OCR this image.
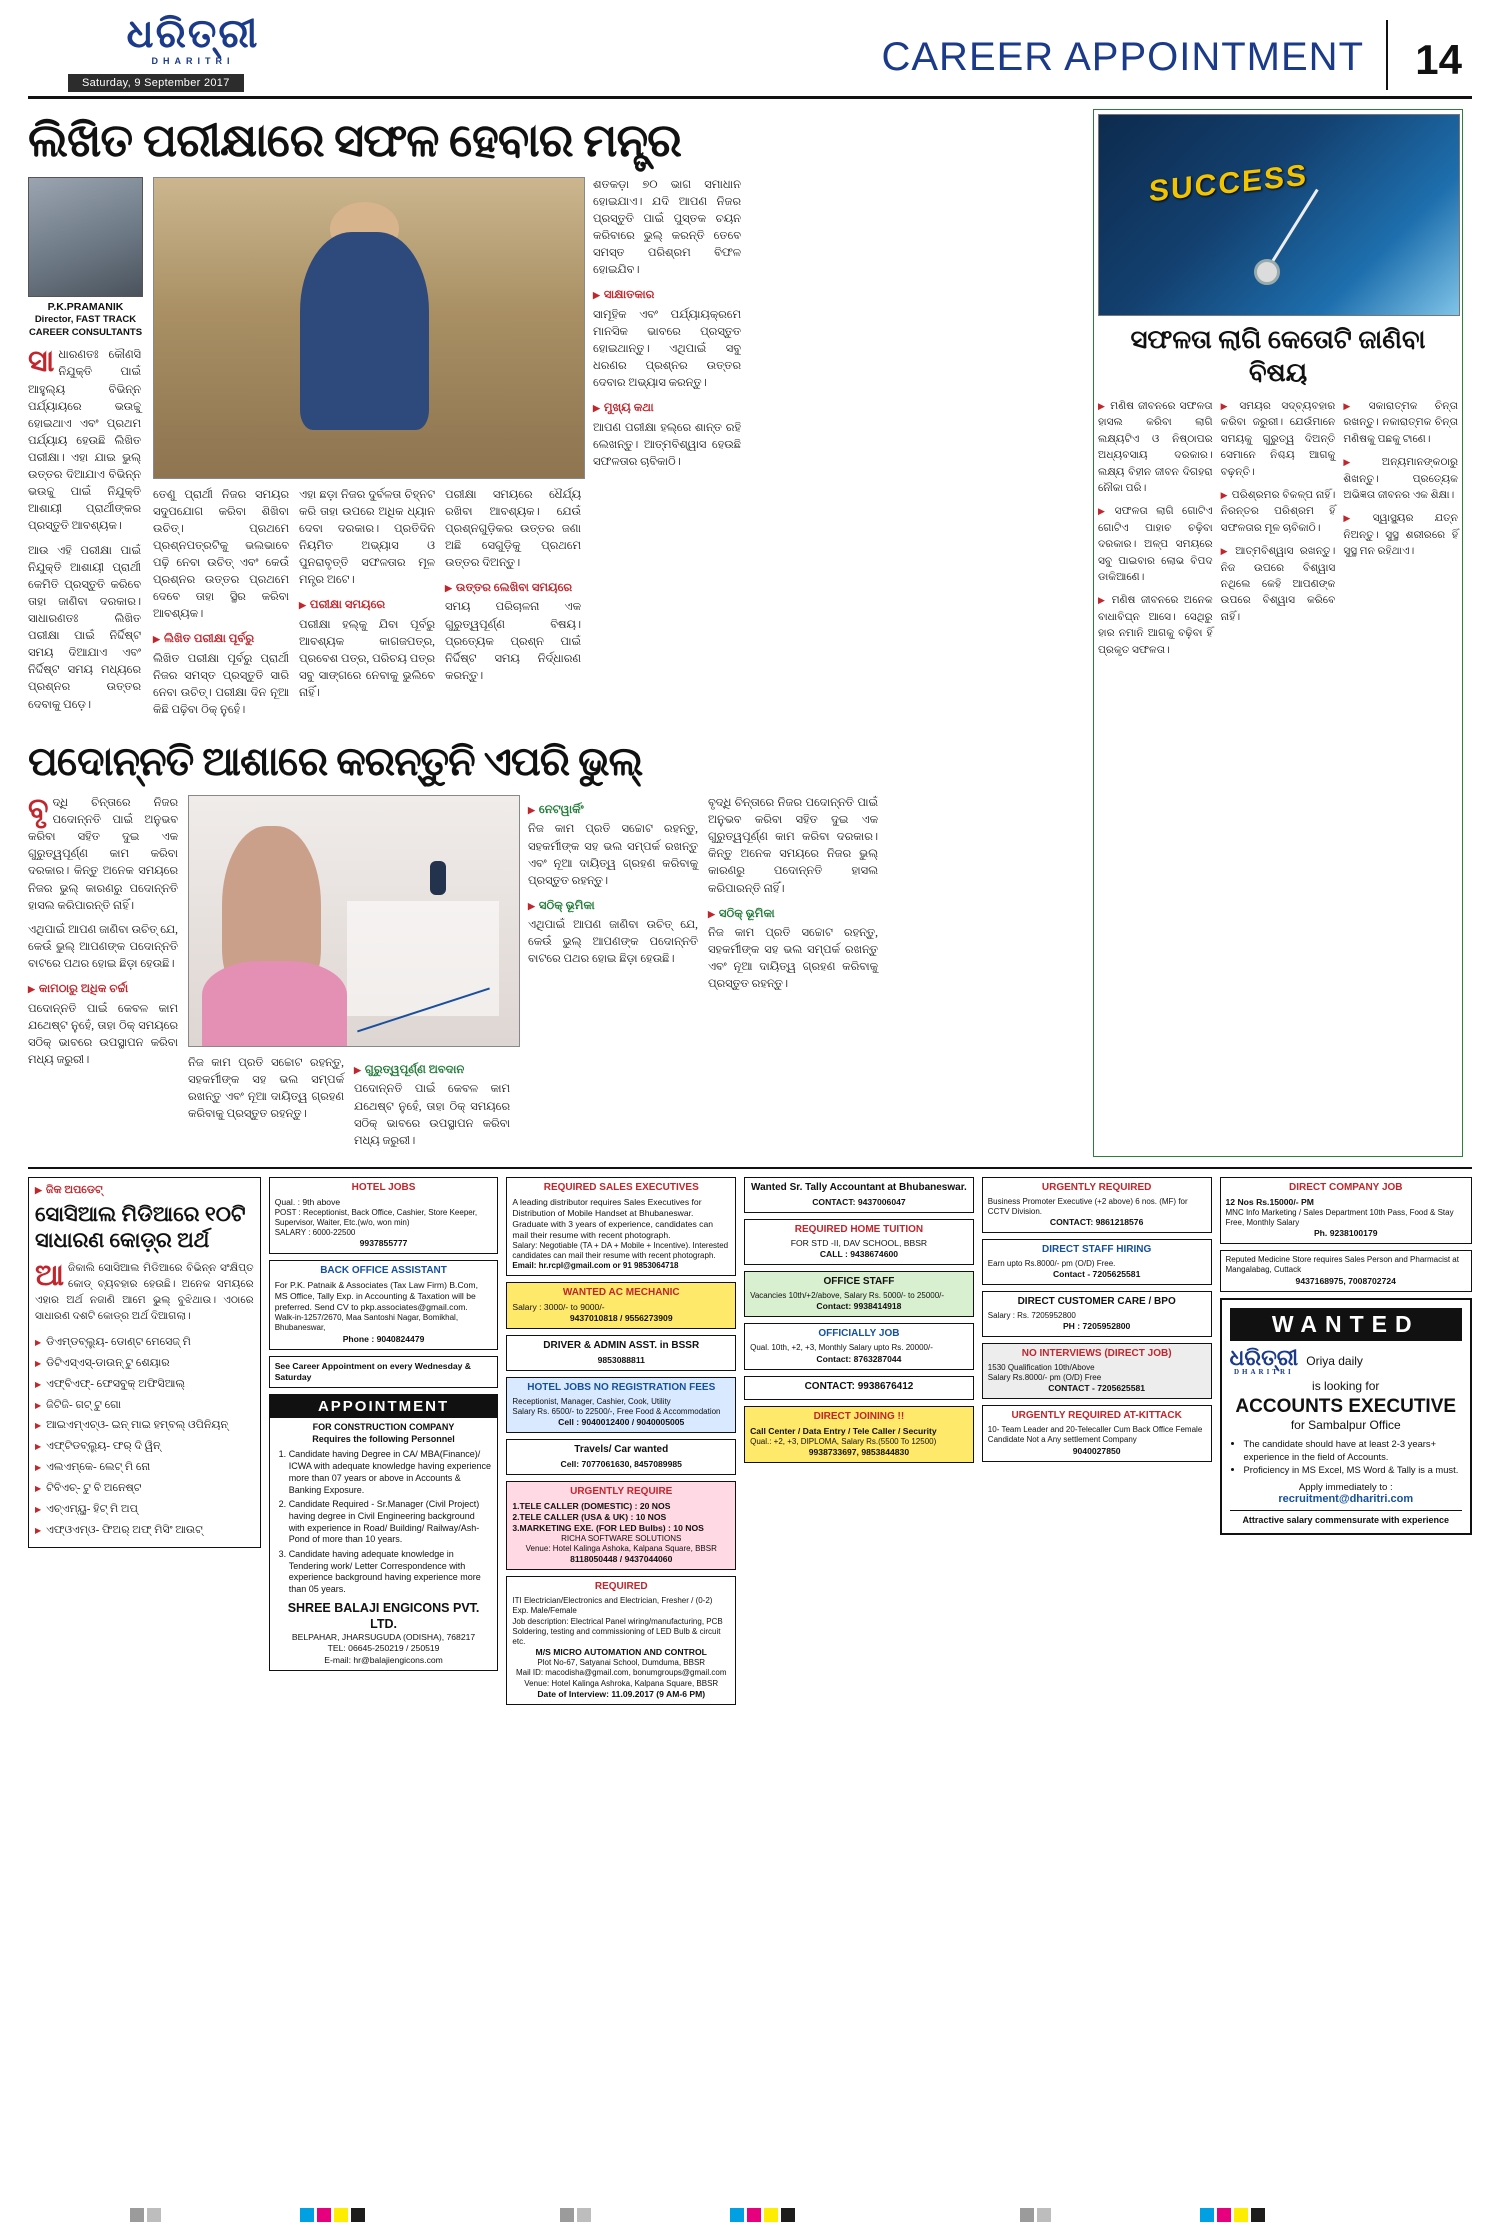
ଧରିତ୍ରୀ
DHARITRI
Saturday, 9 September 2017
CAREER APPOINTMENT 14
ଲିଖିତ ପରୀକ୍ଷାରେ ସଫଳ ହେବାର ମନ୍ତ୍ର
P.K.PRAMANIK
Director, FAST TRACK
CAREER CONSULTANTS

ସାଧାରଣତଃ କୌଣସି ନିଯୁକ୍ତି ପାଇଁ ଆହୁଲ୍ୟ ବିଭିନ୍ନ ପର୍ଯ୍ୟାୟରେ ଭଉଚ୍ଚୁ ହୋଇଥାଏ ଏବଂ ପ୍ରଥମ ପର୍ଯ୍ୟାୟ ହେଉଛି ଲିଖିତ ପରୀକ୍ଷା। ଏହା ଯାଇ ଭୁଲ୍ ଉତ୍ତର ଦିଆଯାଏ ବିଭିନ୍ନ ଭଉଚ୍ଚୁ ପାଇଁ ନିଯୁକ୍ତି ଆଶାୟୀ ପ୍ରାର୍ଥୀଙ୍କର ପ୍ରସ୍ତୁତି ଆବଶ୍ୟକ।

ଆଉ ଏହି ପରୀକ୍ଷା ପାଇଁ ନିଯୁକ୍ତି ଆଶାୟୀ ପ୍ରାର୍ଥୀ କେମିତି ପ୍ରସ୍ତୁତି କରିବେ ତାହା ଜାଣିବା ଦରକାର। ସାଧାରଣତଃ ଲିଖିତ ପରୀକ୍ଷା ପାଇଁ ନିର୍ଦ୍ଦିଷ୍ଟ ସମୟ ଦିଆଯାଏ ଏବଂ ନିର୍ଦ୍ଦିଷ୍ଟ ସମୟ ମଧ୍ୟରେ ପ୍ରଶ୍ନର ଉତ୍ତର ଦେବାକୁ ପଡ଼େ।

ତେଣୁ ପ୍ରାର୍ଥୀ ନିଜର ସମୟର ସଦୁପଯୋଗ କରିବା ଶିଖିବା ଉଚିତ୍। ପ୍ରଥମେ ପ୍ରଶ୍ନପତ୍ରଟିକୁ ଭଲଭାବେ ପଢ଼ି ନେବା ଉଚିତ୍ ଏବଂ କେଉଁ ପ୍ରଶ୍ନର ଉତ୍ତର ପ୍ରଥମେ ଦେବେ ତାହା ସ୍ଥିର କରିବା ଆବଶ୍ୟକ।

▶ ଲିଖିତ ପରୀକ୍ଷା ପୂର୍ବରୁ

ଲିଖିତ ପରୀକ୍ଷା ପୂର୍ବରୁ ପ୍ରାର୍ଥୀ ନିଜର ସମସ୍ତ ପ୍ରସ୍ତୁତି ସାରି ନେବା ଉଚିତ୍। ପରୀକ୍ଷା ଦିନ ନୂଆ କିଛି ପଢ଼ିବା ଠିକ୍ ନୁହେଁ।

ଏହା ଛଡ଼ା ନିଜର ଦୁର୍ବଳତା ଚିହ୍ନଟ କରି ତାହା ଉପରେ ଅଧିକ ଧ୍ୟାନ ଦେବା ଦରକାର। ପ୍ରତିଦିନ ନିୟମିତ ଅଭ୍ୟାସ ଓ ପୁନରାବୃତ୍ତି ସଫଳତାର ମୂଳ ମନ୍ତ୍ର ଅଟେ।

▶ ପରୀକ୍ଷା ସମୟରେ

ପରୀକ୍ଷା ହଲ୍‌କୁ ଯିବା ପୂର୍ବରୁ ଆବଶ୍ୟକ କାଗଜପତ୍ର, ପ୍ରବେଶ ପତ୍ର, ପରିଚୟ ପତ୍ର ସବୁ ସାଙ୍ଗରେ ନେବାକୁ ଭୁଲିବେ ନାହିଁ।

ପରୀକ୍ଷା ସମୟରେ ଧୈର୍ଯ୍ୟ ରଖିବା ଆବଶ୍ୟକ। ଯେଉଁ ପ୍ରଶ୍ନଗୁଡ଼ିକର ଉତ୍ତର ଜଣା ଅଛି ସେଗୁଡ଼ିକୁ ପ୍ରଥମେ ଉତ୍ତର ଦିଅନ୍ତୁ।

▶ ଉତ୍ତର ଲେଖିବା ସମୟରେ

ସମୟ ପରିଚାଳନା ଏକ ଗୁରୁତ୍ୱପୂର୍ଣ୍ଣ ବିଷୟ। ପ୍ରତ୍ୟେକ ପ୍ରଶ୍ନ ପାଇଁ ନିର୍ଦ୍ଦିଷ୍ଟ ସମୟ ନିର୍ଦ୍ଧାରଣ କରନ୍ତୁ।

ଶତକଡ଼ା ୭୦ ଭାଗ ସମାଧାନ ହୋଇଯାଏ। ଯଦି ଆପଣ ନିଜର ପ୍ରସ୍ତୁତି ପାଇଁ ପୁସ୍ତକ ଚୟନ କରିବାରେ ଭୁଲ୍ କରନ୍ତି ତେବେ ସମସ୍ତ ପରିଶ୍ରମ ବିଫଳ ହୋଇଯିବ।

▶ ସାକ୍ଷାତକାର

ସାମୂହିକ ଏବଂ ପର୍ଯ୍ୟାୟକ୍ରମେ ମାନସିକ ଭାବରେ ପ୍ରସ୍ତୁତ ହୋଇଥାନ୍ତୁ। ଏଥିପାଇଁ ସବୁ ଧରଣର ପ୍ରଶ୍ନର ଉତ୍ତର ଦେବାର ଅଭ୍ୟାସ କରନ୍ତୁ।

▶ ମୁଖ୍ୟ କଥା

ଆପଣ ପରୀକ୍ଷା ହଲ୍‌ରେ ଶାନ୍ତ ରହି ଲେଖନ୍ତୁ। ଆତ୍ମବିଶ୍ୱାସ ହେଉଛି ସଫଳତାର ଚାବିକାଠି।

ପଦୋନ୍ନତି ଆଶାରେ କରନ୍ତୁନି ଏପରି ଭୁଲ୍

ବୃଦ୍ଧି ଚିନ୍ତାରେ ନିଜର ପଦୋନ୍ନତି ପାଇଁ ଅନୁଭବ କରିବା ସହିତ ଦୁଇ ଏକ ଗୁରୁତ୍ୱପୂର୍ଣ୍ଣ କାମ କରିବା ଦରକାର। କିନ୍ତୁ ଅନେକ ସମୟରେ ନିଜର ଭୁଲ୍ କାରଣରୁ ପଦୋନ୍ନତି ହାସଲ କରିପାରନ୍ତି ନାହିଁ।

ଏଥିପାଇଁ ଆପଣ ଜାଣିବା ଉଚିତ୍ ଯେ, କେଉଁ ଭୁଲ୍ ଆପଣଙ୍କ ପଦୋନ୍ନତି ବାଟରେ ପଥର ହୋଇ ଛିଡ଼ା ହେଉଛି।

▶ କାମଠାରୁ ଅଧିକ ଚର୍ଚ୍ଚା

ପଦୋନ୍ନତି ପାଇଁ କେବଳ କାମ ଯଥେଷ୍ଟ ନୁହେଁ, ତାହା ଠିକ୍ ସମୟରେ ସଠିକ୍ ଭାବରେ ଉପସ୍ଥାପନ କରିବା ମଧ୍ୟ ଜରୁରୀ।	ନିଜ କାମ ପ୍ରତି ସଚ୍ଚୋଟ ରହନ୍ତୁ, ସହକର୍ମୀଙ୍କ ସହ ଭଲ ସମ୍ପର୍କ ରଖନ୍ତୁ ଏବଂ ନୂଆ ଦାୟିତ୍ୱ ଗ୍ରହଣ କରିବାକୁ ପ୍ରସ୍ତୁତ ରହନ୍ତୁ।

▶ ଗୁରୁତ୍ୱପୂର୍ଣ୍ଣ ଅବଦାନ

ପଦୋନ୍ନତି ପାଇଁ କେବଳ କାମ ଯଥେଷ୍ଟ ନୁହେଁ, ତାହା ଠିକ୍ ସମୟରେ ସଠିକ୍ ଭାବରେ ଉପସ୍ଥାପନ କରିବା ମଧ୍ୟ ଜରୁରୀ।

▶ ନେଟୱାର୍କିଂ

ନିଜ କାମ ପ୍ରତି ସଚ୍ଚୋଟ ରହନ୍ତୁ, ସହକର୍ମୀଙ୍କ ସହ ଭଲ ସମ୍ପର୍କ ରଖନ୍ତୁ ଏବଂ ନୂଆ ଦାୟିତ୍ୱ ଗ୍ରହଣ କରିବାକୁ ପ୍ରସ୍ତୁତ ରହନ୍ତୁ।

▶ ସଠିକ୍ ଭୂମିକା

ଏଥିପାଇଁ ଆପଣ ଜାଣିବା ଉଚିତ୍ ଯେ, କେଉଁ ଭୁଲ୍ ଆପଣଙ୍କ ପଦୋନ୍ନତି ବାଟରେ ପଥର ହୋଇ ଛିଡ଼ା ହେଉଛି।

ବୃଦ୍ଧି ଚିନ୍ତାରେ ନିଜର ପଦୋନ୍ନତି ପାଇଁ ଅନୁଭବ କରିବା ସହିତ ଦୁଇ ଏକ ଗୁରୁତ୍ୱପୂର୍ଣ୍ଣ କାମ କରିବା ଦରକାର। କିନ୍ତୁ ଅନେକ ସମୟରେ ନିଜର ଭୁଲ୍ କାରଣରୁ ପଦୋନ୍ନତି ହାସଲ କରିପାରନ୍ତି ନାହିଁ।

▶ ସଠିକ୍ ଭୂମିକା

ନିଜ କାମ ପ୍ରତି ସଚ୍ଚୋଟ ରହନ୍ତୁ, ସହକର୍ମୀଙ୍କ ସହ ଭଲ ସମ୍ପର୍କ ରଖନ୍ତୁ ଏବଂ ନୂଆ ଦାୟିତ୍ୱ ଗ୍ରହଣ କରିବାକୁ ପ୍ରସ୍ତୁତ ରହନ୍ତୁ।

SUCCESS
ସଫଳତା ଲାଗି କେତୋଟି ଜାଣିବା ବିଷୟ

▶ ମଣିଷ ଜୀବନରେ ସଫଳତା ହାସଲ କରିବା ଲାଗି ଲକ୍ଷ୍ୟଟିଏ ଓ ନିଷ୍ଠାପର ଅଧ୍ୟବସାୟ ଦରକାର। ଲକ୍ଷ୍ୟ ବିହୀନ ଜୀବନ ଦିଗହରା ନୌକା ପରି।

▶ ସଫଳତା ଲାଗି ଗୋଟିଏ ଗୋଟିଏ ପାହାଚ ଚଢ଼ିବା ଦରକାର। ଅଳ୍ପ ସମୟରେ ସବୁ ପାଇବାର ଲୋଭ ବିପଦ ଡାକିଆଣେ।

▶ ମଣିଷ ଜୀବନରେ ଅନେକ ବାଧାବିଘ୍ନ ଆସେ। ସେଥିରୁ ହାର ନମାନି ଆଗକୁ ବଢ଼ିବା ହିଁ ପ୍ରକୃତ ସଫଳତା।

▶ ସମୟର ସଦ୍ବ୍ୟବହାର କରିବା ଜରୁରୀ। ଯେଉଁମାନେ ସମୟକୁ ଗୁରୁତ୍ୱ ଦିଅନ୍ତି ସେମାନେ ନିଶ୍ଚୟ ଆଗକୁ ବଢ଼ନ୍ତି।

▶ ପରିଶ୍ରମର ବିକଳ୍ପ ନାହିଁ। ନିରନ୍ତର ପରିଶ୍ରମ ହିଁ ସଫଳତାର ମୂଳ ଚାବିକାଠି।

▶ ଆତ୍ମବିଶ୍ୱାସ ରଖନ୍ତୁ। ନିଜ ଉପରେ ବିଶ୍ୱାସ ନଥିଲେ କେହି ଆପଣଙ୍କ ଉପରେ ବିଶ୍ୱାସ କରିବେ ନାହିଁ।

▶ ସକାରାତ୍ମକ ଚିନ୍ତା ରଖନ୍ତୁ। ନକାରାତ୍ମକ ଚିନ୍ତା ମଣିଷକୁ ପଛକୁ ଟାଣେ।

▶ ଅନ୍ୟମାନଙ୍କଠାରୁ ଶିଖନ୍ତୁ। ପ୍ରତ୍ୟେକ ଅଭିଜ୍ଞତା ଜୀବନର ଏକ ଶିକ୍ଷା।

▶ ସ୍ୱାସ୍ଥ୍ୟର ଯତ୍ନ ନିଅନ୍ତୁ। ସୁସ୍ଥ ଶରୀରରେ ହିଁ ସୁସ୍ଥ ମନ ରହିଥାଏ।

▶ ଜିକ ଅପଡେଟ୍
ସୋସିଆଲ ମିଡିଆରେ ୧୦ଟି ସାଧାରଣ କୋଡ଼୍ର ଅର୍ଥ

ଆଜିକାଲି ସୋସିଆଲ ମିଡିଆରେ ବିଭିନ୍ନ ସଂକ୍ଷିପ୍ତ କୋଡ୍ ବ୍ୟବହାର ହେଉଛି। ଅନେକ ସମୟରେ ଏହାର ଅର୍ଥ ନଜାଣି ଆମେ ଭୁଲ୍ ବୁଝିଥାଉ। ଏଠାରେ ସାଧାରଣ ଦଶଟି କୋଡ୍‌ର ଅର୍ଥ ଦିଆଗଲା।

▶ ଡିଏମ୍‌ଡବ୍ଲ୍ୟୁ- ଡୋଣ୍ଟ ମେସେଜ୍ ମି
▶ ଡିଟିଏସ୍‌ଏସ୍-ଡାଉନ୍ ଟୁ ଶେୟାର
▶ ଏଫ୍‌ବିଏଫ୍- ଫେସବୁକ୍ ଅଫିସିଆଲ୍
▶ ଜିଟିଜି- ଗଟ୍ ଟୁ ଗୋ
▶ ଆଇଏମ୍‌ଏଚ୍‌ଓ- ଇନ୍ ମାଇ ହମ୍ବଲ୍ ଓପିନିୟନ୍
▶ ଏଫ୍‌ଟିଡବ୍ଲ୍ୟୁ- ଫର୍ ଦି ୱିନ୍
▶ ଏଲଏମ୍‌କେ- ଲେଟ୍ ମି ନୋ
▶ ଟିବିଏଚ୍- ଟୁ ବି ଅନେଷ୍ଟ
▶ ଏଚ୍‌ଏମ୍‌ୟୁ- ହିଟ୍ ମି ଅପ୍
▶ ଏଫ୍‌ଓଏମ୍‌ଓ- ଫିଅର୍ ଅଫ୍ ମିସିଂ ଆଉଟ୍
HOTEL JOBS
Qual. : 9th above
POST : Receptionist, Back Office, Cashier, Store Keeper, Supervisor, Waiter, Etc.(w/o, won min)
SALARY : 6000-22500
9937855777
BACK OFFICE ASSISTANT
For P.K. Patnaik & Associates (Tax Law Firm) B.Com, MS Office, Tally Exp. in Accounting & Taxation will be preferred. Send CV to pkp.associates@gmail.com.
Walk-in-1257/2670, Maa Santoshi Nagar, Bomikhal, Bhubaneswar,
Phone : 9040824479
See Career Appointment on every Wednesday & Saturday
APPOINTMENT
FOR CONSTRUCTION COMPANY
Requires the following Personnel
1. Candidate having Degree in CA/ MBA(Finance)/ ICWA with adequate knowledge having experience more than 07 years or above in Accounts & Banking Exposure.
2. Candidate Required - Sr.Manager (Civil Project) having degree in Civil Engineering background with experience in Road/ Building/ Railway/Ash-Pond of more than 10 years.
3. Candidate having adequate knowledge in Tendering work/ Letter Correspondence with experience background having experience more than 05 years.
SHREE BALAJI ENGICONS PVT. LTD.
BELPAHAR, JHARSUGUDA (ODISHA), 768217
TEL: 06645-250219 / 250519
E-mail: hr@balajiengicons.com
REQUIRED SALES EXECUTIVES
A leading distributor requires Sales Executives for Distribution of Mobile Handset at Bhubaneswar. Graduate with 3 years of experience, candidates can mail their resume with recent photograph.
Salary: Negotiable (TA + DA + Mobile + Incentive). Interested candidates can mail their resume with recent photograph.
Email: hr.rcpl@gmail.com or 91 9853064718
WANTED AC MECHANIC
Salary : 3000/- to 9000/-
9437010818 / 9556273909
DRIVER & ADMIN ASST. in BSSR
9853088811
HOTEL JOBS NO REGISTRATION FEES
Receptionist, Manager, Cashier, Cook, Utility
Salary Rs. 6500/- to 22500/-, Free Food & Accommodation
Cell : 9040012400 / 9040005005
Travels/ Car wanted
Cell: 7077061630, 8457089985
URGENTLY REQUIRE
1.TELE CALLER (DOMESTIC) : 20 NOS
2.TELE CALLER (USA & UK) : 10 NOS
3.MARKETING EXE. (FOR LED Bulbs) : 10 NOS
RICHA SOFTWARE SOLUTIONS
Venue: Hotel Kalinga Ashoka, Kalpana Square, BBSR
8118050448 / 9437044060
REQUIRED
ITI Electrician/Electronics and Electrician, Fresher / (0-2) Exp. Male/Female
Job description: Electrical Panel wiring/manufacturing, PCB Soldering, testing and commissioning of LED Bulb & circuit etc.
M/S MICRO AUTOMATION AND CONTROL
Plot No-67, Satyanai School, Dumduma, BBSR
Mail ID: macodisha@gmail.com, bonumgroups@gmail.com
Venue: Hotel Kalinga Ashroka, Kalpana Square, BBSR
Date of Interview: 11.09.2017 (9 AM-6 PM)
Wanted Sr. Tally Accountant at Bhubaneswar.
CONTACT: 9437006047
REQUIRED HOME TUITION
FOR STD -II, DAV SCHOOL, BBSR
CALL : 9438674600
OFFICE STAFF
Vacancies 10th/+2/above, Salary Rs. 5000/- to 25000/-
Contact: 9938414918
OFFICIALLY JOB
Qual. 10th, +2, +3, Monthly Salary upto Rs. 20000/-
Contact: 8763287044
CONTACT: 9938676412
DIRECT JOINING !!
Call Center / Data Entry / Tele Caller / Security
Qual.: +2, +3, DIPLOMA, Salary Rs.(5500 To 12500)
9938733697, 9853844830
URGENTLY REQUIRED
Business Promoter Executive (+2 above) 6 nos. (MF) for CCTV Division.
CONTACT: 9861218576
DIRECT STAFF HIRING
Earn upto Rs.8000/- pm (O/D) Free.
Contact - 7205625581
DIRECT CUSTOMER CARE / BPO
Salary : Rs. 7205952800
PH : 7205952800
NO INTERVIEWS (DIRECT JOB)
1530 Qualification 10th/Above
Salary Rs.8000/- pm (O/D) Free
CONTACT - 7205625581
URGENTLY REQUIRED AT-KITTACK
10- Team Leader and 20-Telecaller Cum Back Office Female Candidate Not a Any settlement Company
9040027850
DIRECT COMPANY JOB
12 Nos Rs.15000/- PM
MNC Info Marketing / Sales Department 10th Pass, Food & Stay Free, Monthly Salary
Ph. 9238100179
Reputed Medicine Store requires Sales Person and Pharmacist at Mangalabag, Cuttack
9437168975, 7008702724
WANTED
ଧରିତ୍ରୀ
DHARITRI
Oriya daily
is looking for
ACCOUNTS EXECUTIVE
for Sambalpur Office
• The candidate should have at least 2-3 years+ experience in the field of Accounts.
• Proficiency in MS Excel, MS Word & Tally is a must.
Apply immediately to :
recruitment@dharitri.com
Attractive salary commensurate with experience
